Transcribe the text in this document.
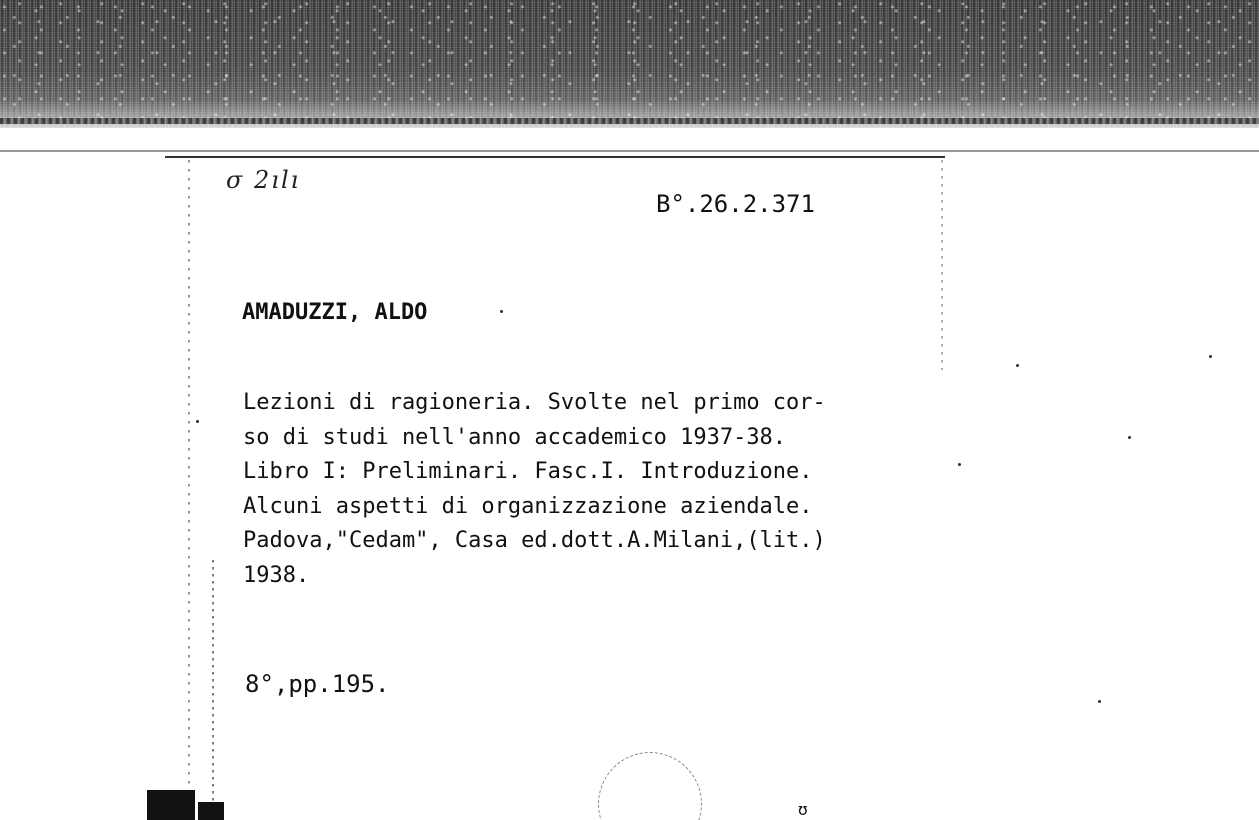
σ 2ılı
B°.26.2.371
AMADUZZI, ALDO
Lezioni di ragioneria. Svolte nel primo cor-
so di studi nell'anno accademico 1937-38.
Libro I: Preliminari. Fasc.I. Introduzione.
Alcuni aspetti di organizzazione aziendale.
Padova,"Cedam", Casa ed.dott.A.Milani,(lit.)
1938.
8°,pp.195.
ʊ
